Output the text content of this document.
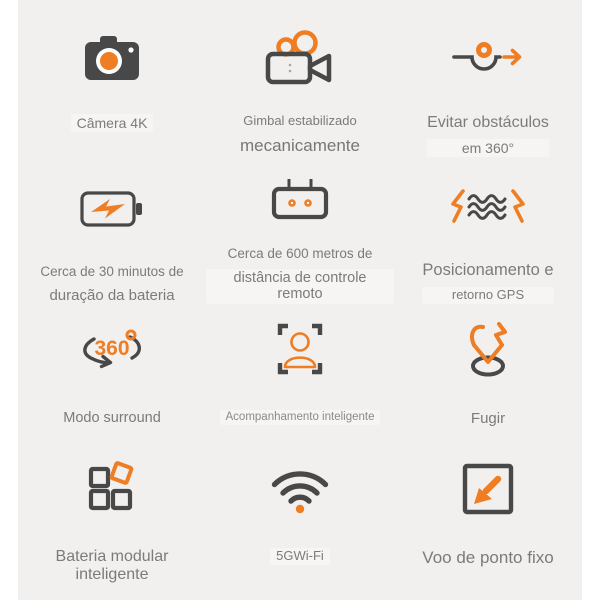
Câmera 4K	Gimbal estabilizado
mecanicamente
Evitar obstáculos
em 360°
Cerca de 30 minutos de
duração da bateria
Cerca de 600 metros de
distância de controle remoto
Posicionamento e
retorno GPS
360
Modo surround	Acompanhamento inteligente	Fugir
Bateria modular inteligente
5GWi-Fi	Voo de ponto fixo
